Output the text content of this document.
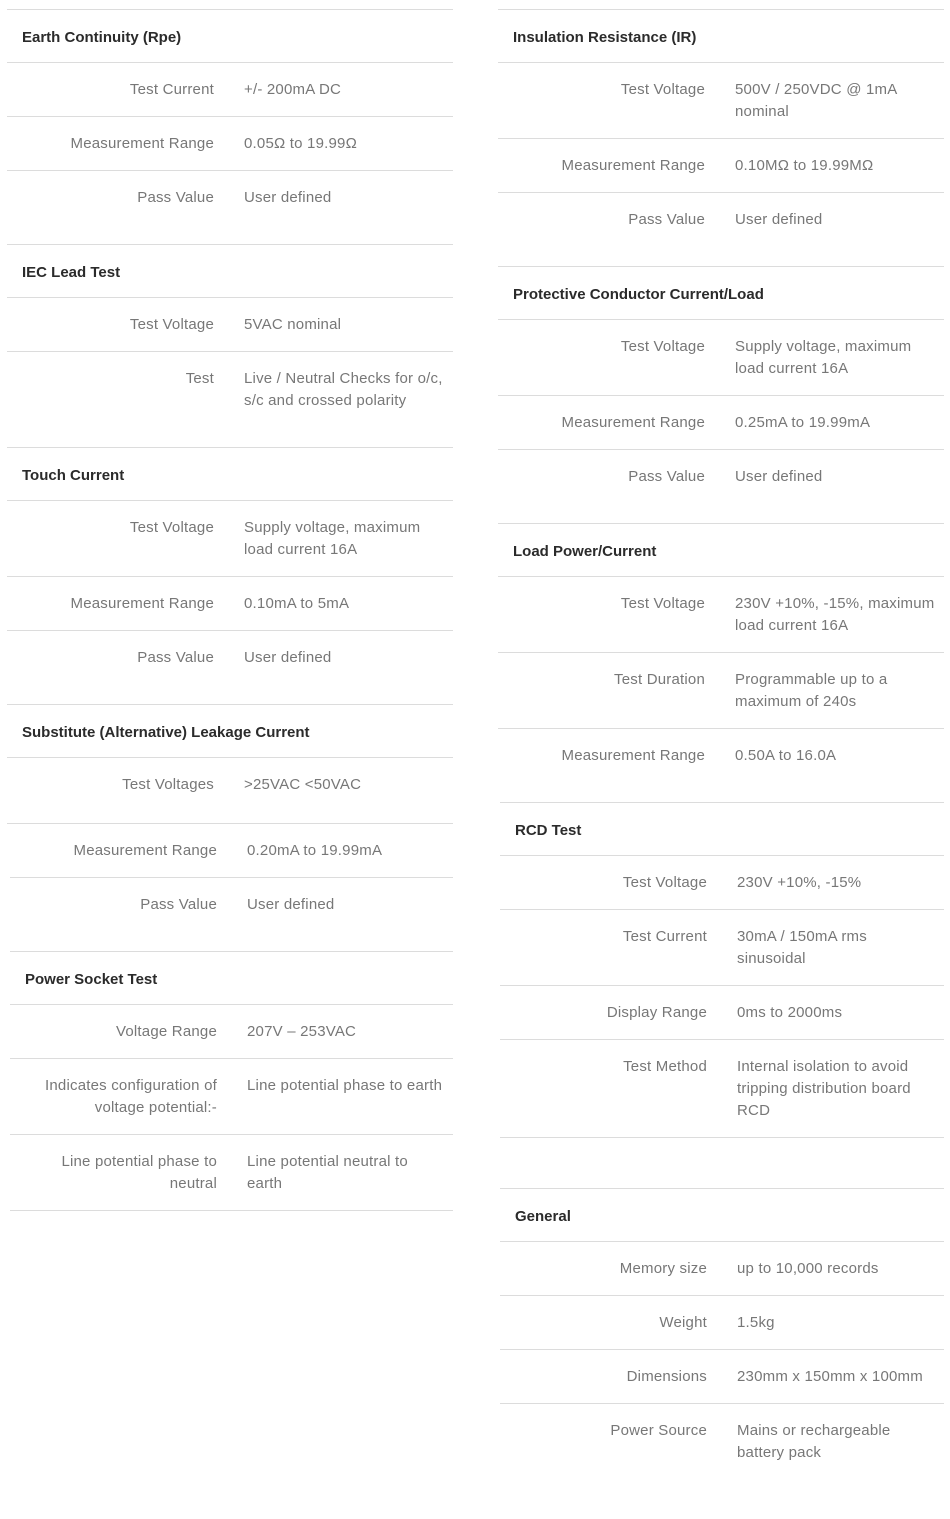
Earth Continuity (Rpe)
Test Current +/- 200mA DC
Measurement Range 0.05Ω to 19.99Ω
Pass Value User defined
IEC Lead Test
Test Voltage 5VAC nominal
Test Live / Neutral Checks for o/c, s/c and crossed polarity
Touch Current
Test Voltage Supply voltage, maximum load current 16A
Measurement Range 0.10mA to 5mA
Pass Value User defined
Substitute (Alternative) Leakage Current
Test Voltages >25VAC <50VAC
Measurement Range 0.20mA to 19.99mA
Pass Value User defined
Power Socket Test
Voltage Range 207V – 253VAC
Indicates configuration of voltage potential:-
Line potential phase to earth
Line potential phase to neutral
Line potential neutral to earth
Insulation Resistance (IR)
Test Voltage 500V / 250VDC @ 1mA nominal
Measurement Range 0.10MΩ to 19.99MΩ
Pass Value User defined
Protective Conductor Current/Load
Test Voltage Supply voltage, maximum load current 16A
Measurement Range 0.25mA to 19.99mA
Pass Value User defined
Load Power/Current
Test Voltage 230V +10%, -15%, maximum load current 16A
Test Duration Programmable up to a maximum of 240s
Measurement Range 0.50A to 16.0A
RCD Test
Test Voltage 230V +10%, -15%
Test Current 30mA / 150mA rms sinusoidal
Display Range 0ms to 2000ms
Test Method Internal isolation to avoid tripping distribution board RCD
General
Memory size up to 10,000 records
Weight 1.5kg
Dimensions 230mm x 150mm x 100mm
Power Source Mains or rechargeable battery pack
